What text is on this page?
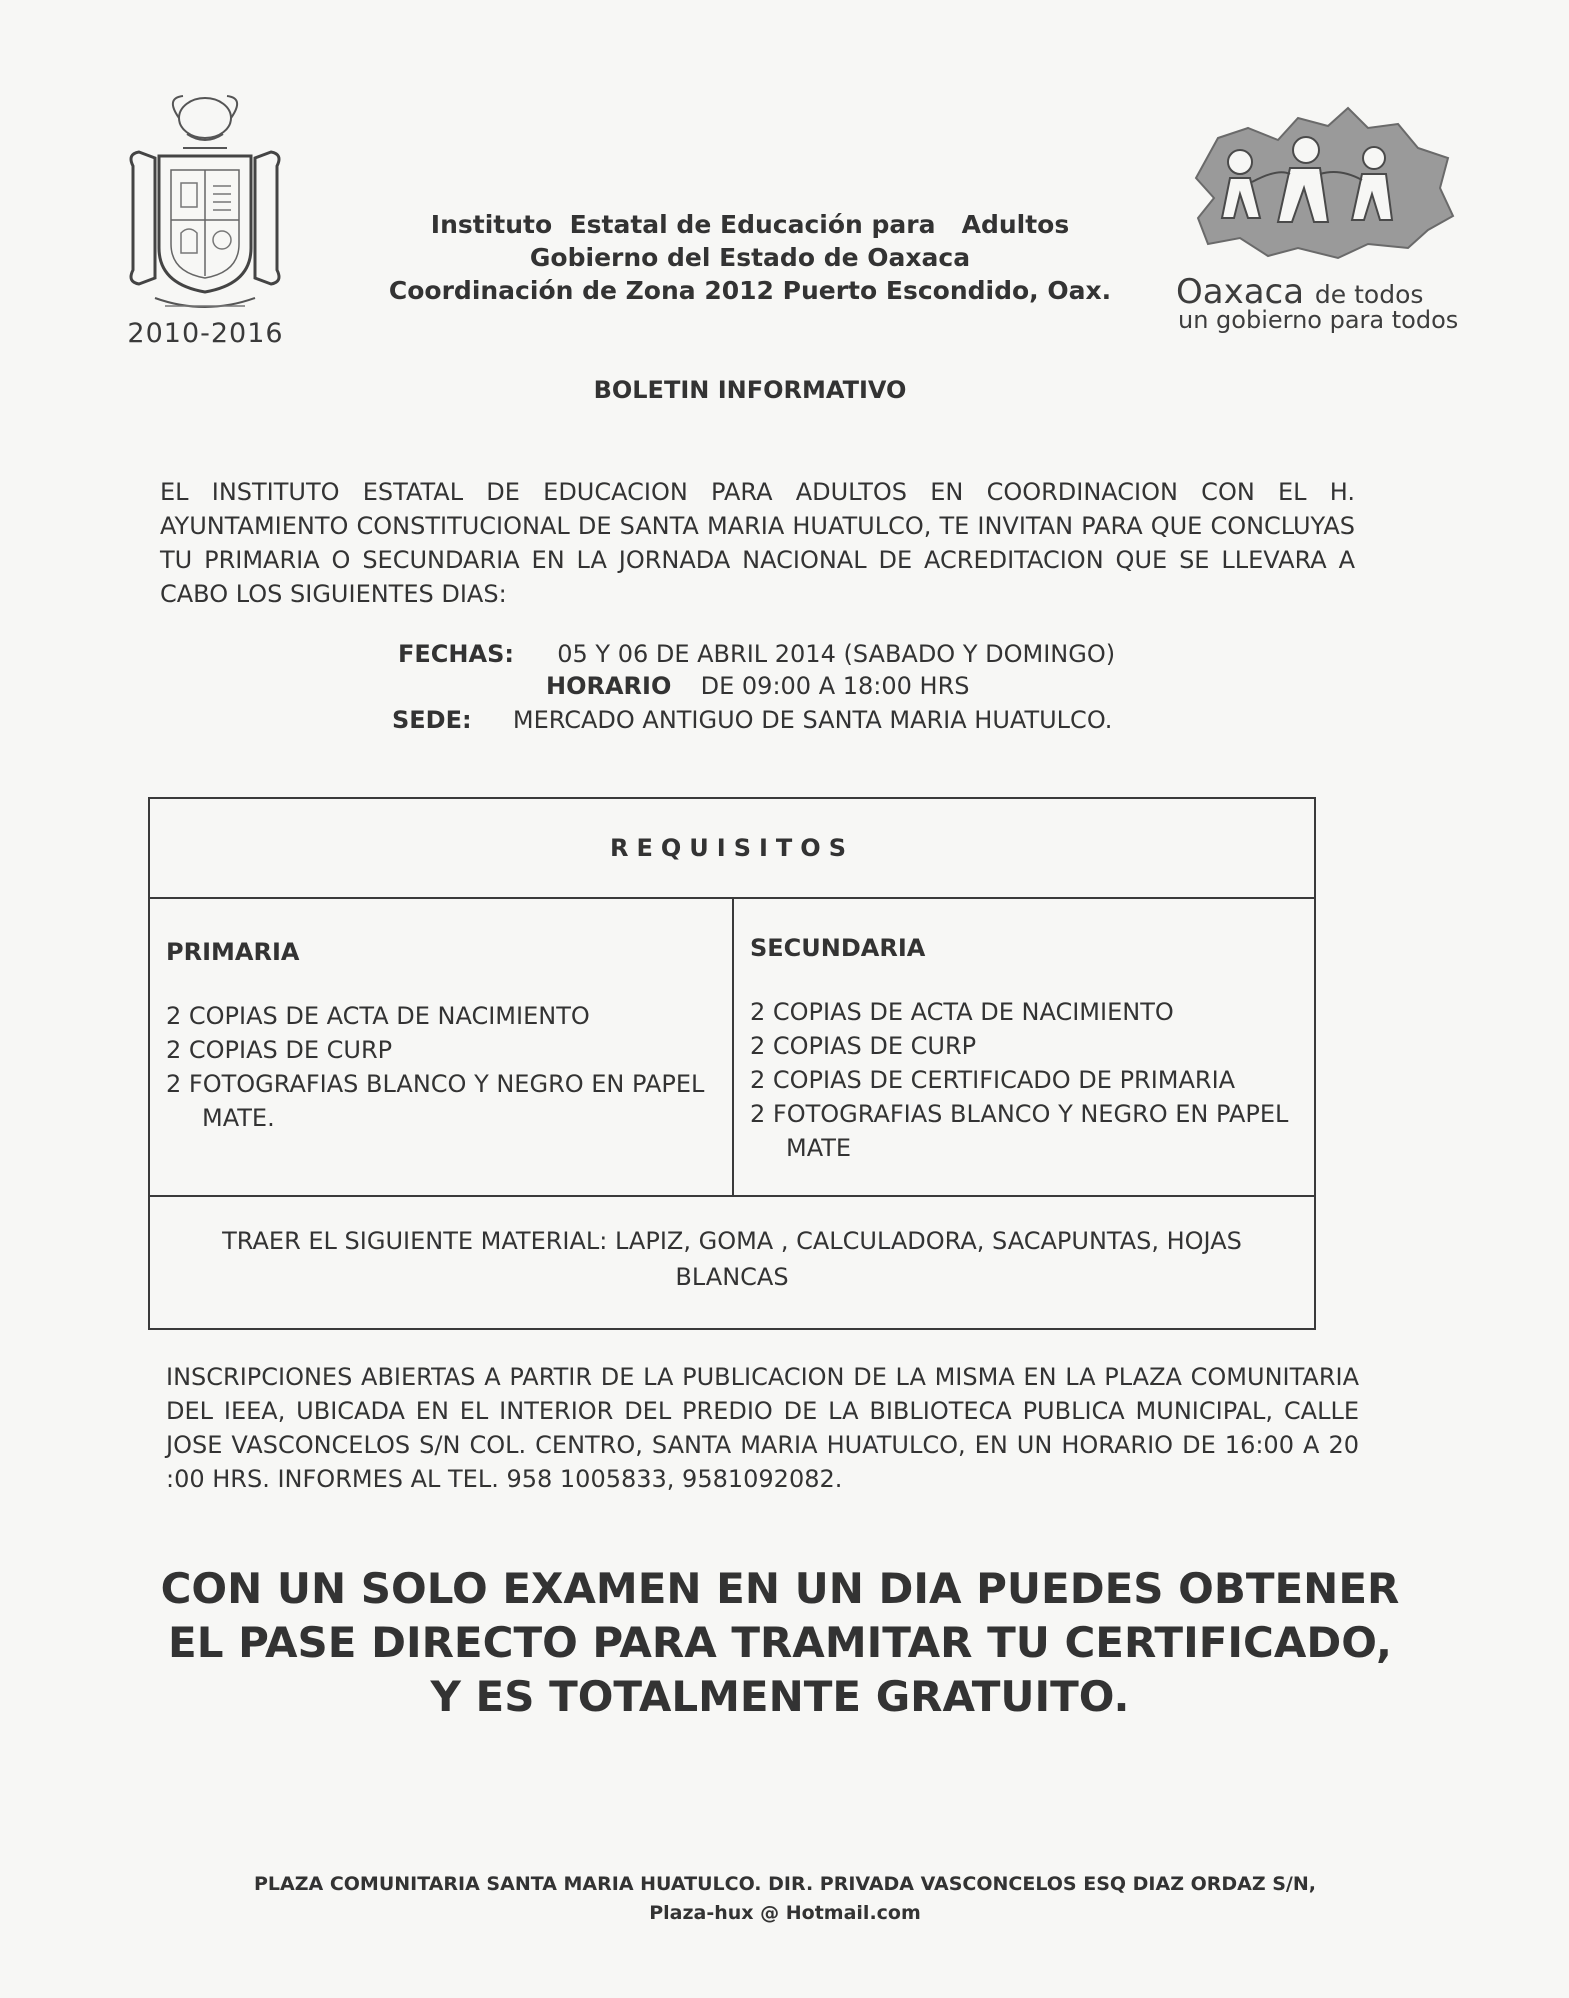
2010-2016
Instituto  Estatal de Educación para   Adultos
Gobierno del Estado de Oaxaca
Coordinación de Zona 2012 Puerto Escondido, Oax. Oaxaca de todos
un gobierno para todos
BOLETIN INFORMATIVO
EL INSTITUTO ESTATAL DE EDUCACION PARA ADULTOS EN COORDINACION CON EL H. AYUNTAMIENTO CONSTITUCIONAL DE SANTA MARIA HUATULCO, TE INVITAN PARA QUE CONCLUYAS TU PRIMARIA O SECUNDARIA EN LA JORNADA NACIONAL DE ACREDITACION QUE SE LLEVARA A CABO LOS SIGUIENTES DIAS:
FECHAS: 05 Y 06 DE ABRIL 2014 (SABADO Y DOMINGO)
HORARIO DE 09:00 A 18:00 HRS
SEDE: MERCADO ANTIGUO DE SANTA MARIA HUATULCO.
REQUISITOS
PRIMARIA
2 COPIAS DE ACTA DE NACIMIENTO
2 COPIAS DE CURP
2 FOTOGRAFIAS BLANCO Y NEGRO EN PAPEL MATE.
SECUNDARIA
2 COPIAS DE ACTA DE NACIMIENTO
2 COPIAS DE CURP
2 COPIAS DE CERTIFICADO DE PRIMARIA
2 FOTOGRAFIAS BLANCO Y NEGRO EN PAPEL MATE
TRAER EL SIGUIENTE MATERIAL: LAPIZ, GOMA , CALCULADORA, SACAPUNTAS, HOJAS BLANCAS
INSCRIPCIONES ABIERTAS A PARTIR DE LA PUBLICACION DE LA MISMA EN LA PLAZA COMUNITARIA DEL IEEA, UBICADA EN EL INTERIOR DEL PREDIO DE LA BIBLIOTECA PUBLICA MUNICIPAL, CALLE JOSE VASCONCELOS S/N COL. CENTRO, SANTA MARIA HUATULCO, EN UN HORARIO DE 16:00 A 20 :00 HRS. INFORMES AL TEL. 958 1005833, 9581092082.
CON UN SOLO EXAMEN EN UN DIA PUEDES OBTENER
EL PASE DIRECTO PARA TRAMITAR TU CERTIFICADO,
Y ES TOTALMENTE GRATUITO.
PLAZA COMUNITARIA SANTA MARIA HUATULCO. DIR. PRIVADA VASCONCELOS ESQ DIAZ ORDAZ S/N,
Plaza-hux @ Hotmail.com
